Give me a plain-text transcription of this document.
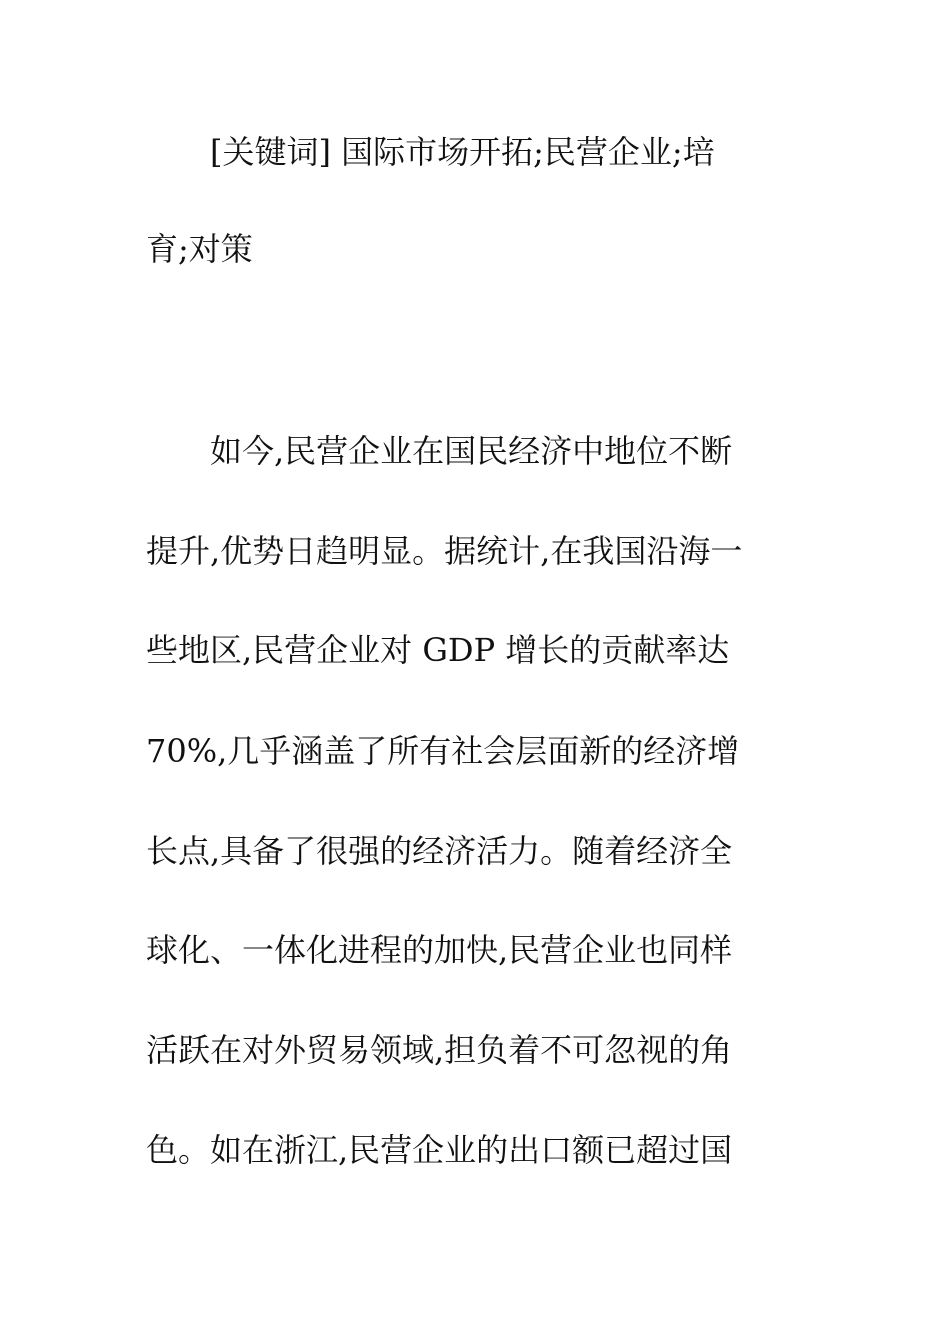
[关键词] 国际市场开拓;民营企业;培
育;对策
如今,民营企业在国民经济中地位不断
提升,优势日趋明显。据统计,在我国沿海一
些地区,民营企业对 GDP 增长的贡献率达
70%,几乎涵盖了所有社会层面新的经济增
长点,具备了很强的经济活力。随着经济全
球化、一体化进程的加快,民营企业也同样
活跃在对外贸易领域,担负着不可忽视的角
色。如在浙江,民营企业的出口额已超过国
